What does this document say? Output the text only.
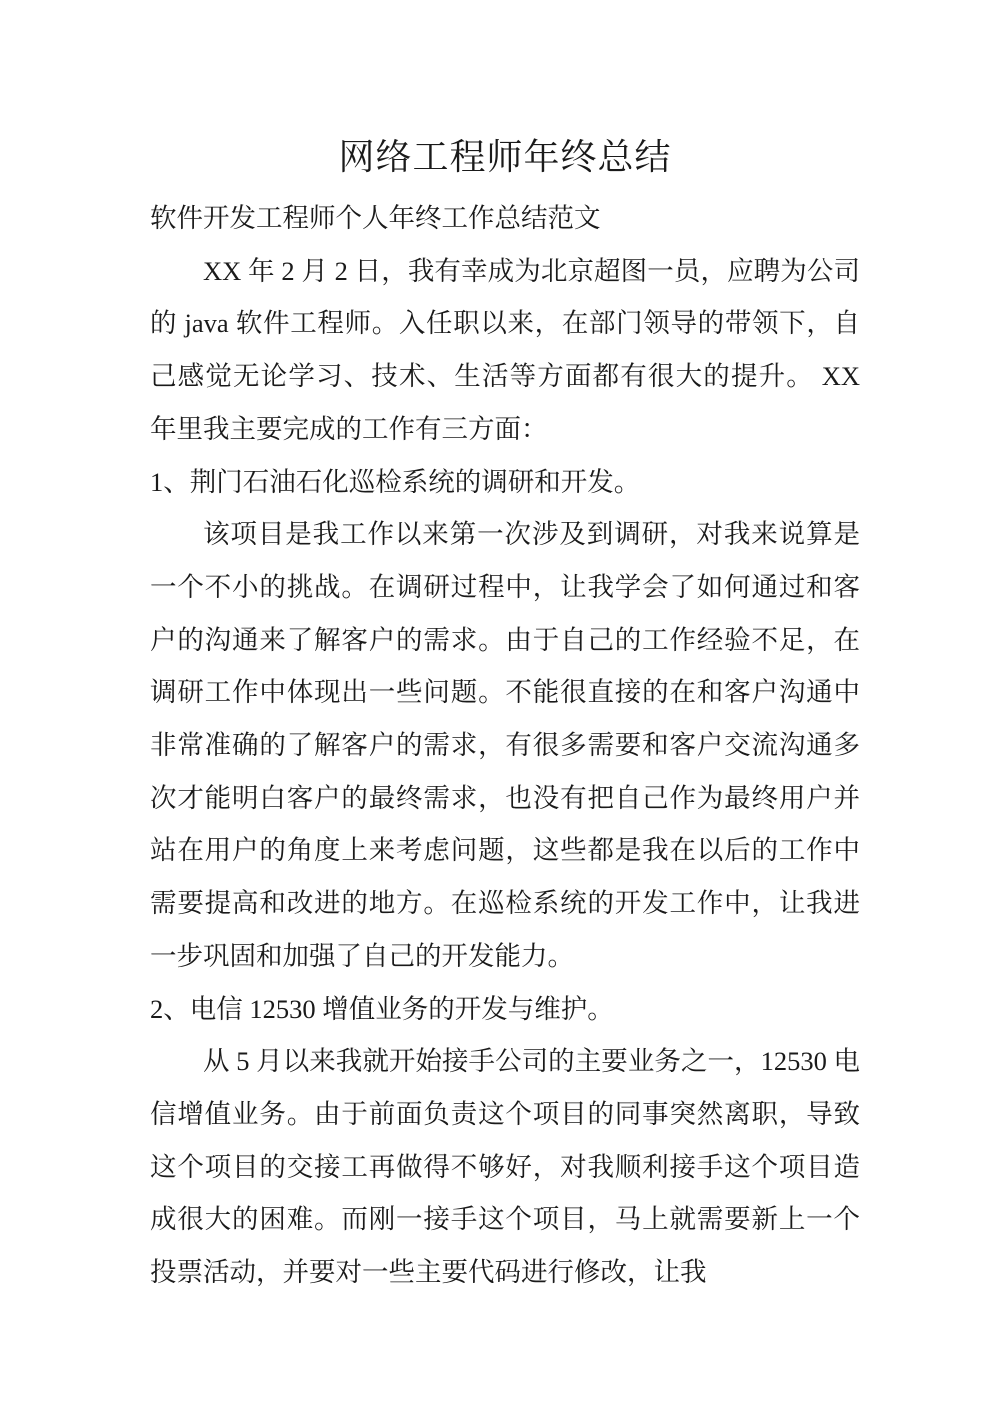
网络工程师年终总结

软件开发工程师个人年终工作总结范文

XX 年 2 月 2 日，我有幸成为北京超图一员，应聘为公司的 java 软件工程师。入任职以来，在部门领导的带领下，自己感觉无论学习、技术、生活等方面都有很大的提升。 XX 年里我主要完成的工作有三方面：

1、荆门石油石化巡检系统的调研和开发。

该项目是我工作以来第一次涉及到调研，对我来说算是一个不小的挑战。在调研过程中，让我学会了如何通过和客户的沟通来了解客户的需求。由于自己的工作经验不足，在调研工作中体现出一些问题。不能很直接的在和客户沟通中非常准确的了解客户的需求，有很多需要和客户交流沟通多次才能明白客户的最终需求，也没有把自己作为最终用户并站在用户的角度上来考虑问题，这些都是我在以后的工作中需要提高和改进的地方。在巡检系统的开发工作中，让我进一步巩固和加强了自己的开发能力。

2、电信 12530 增值业务的开发与维护。

从 5 月以来我就开始接手公司的主要业务之一，12530 电信增值业务。由于前面负责这个项目的同事突然离职，导致这个项目的交接工再做得不够好，对我顺利接手这个项目造成很大的困难。而刚一接手这个项目，马上就需要新上一个投票活动，并要对一些主要代码进行修改，让我
